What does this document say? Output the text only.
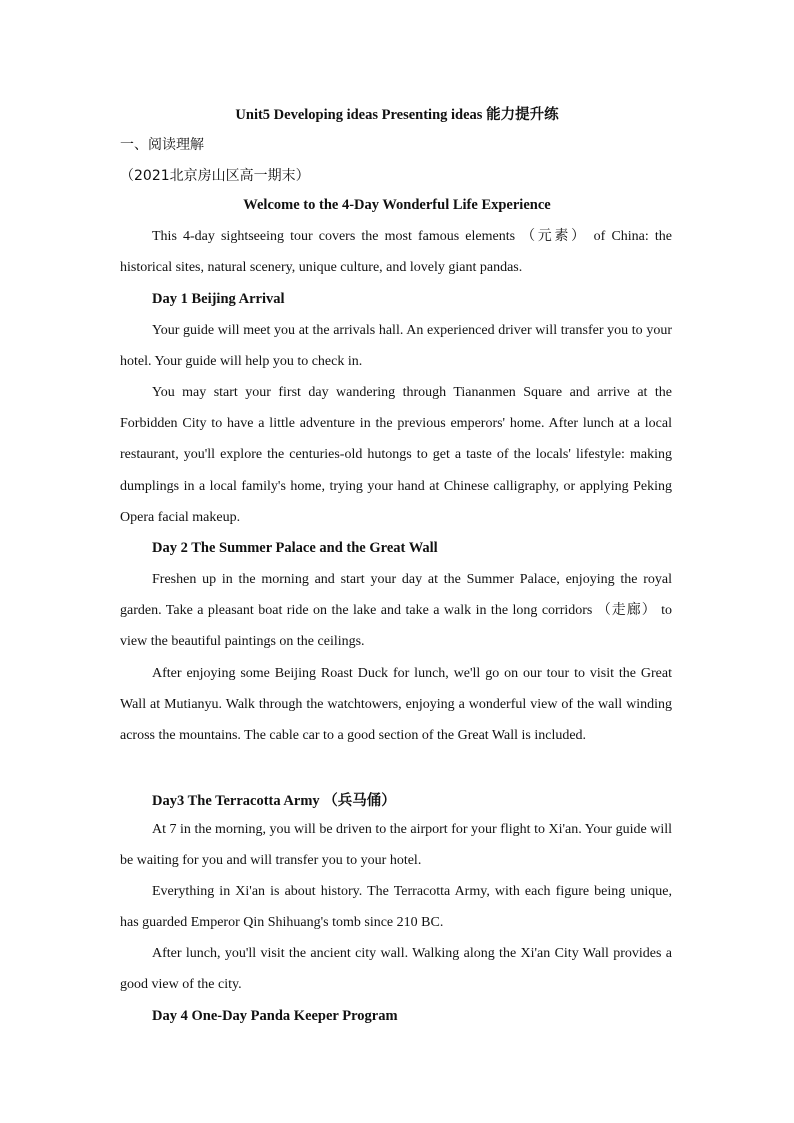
Unit5 Developing ideas Presenting ideas 能力提升练
一、阅读理解
（2021北京房山区高一期末）
Welcome to the 4-Day Wonderful Life Experience
This 4-day sightseeing tour covers the most famous elements （元素） of China: the historical sites, natural scenery, unique culture, and lovely giant pandas.
Day 1 Beijing Arrival
Your guide will meet you at the arrivals hall. An experienced driver will transfer you to your hotel. Your guide will help you to check in.
You may start your first day wandering through Tiananmen Square and arrive at the Forbidden City to have a little adventure in the previous emperors' home. After lunch at a local restaurant, you'll explore the centuries-old hutongs to get a taste of the locals' lifestyle: making dumplings in a local family's home, trying your hand at Chinese calligraphy, or applying Peking Opera facial makeup.
Day 2 The Summer Palace and the Great Wall
Freshen up in the morning and start your day at the Summer Palace, enjoying the royal garden. Take a pleasant boat ride on the lake and take a walk in the long corridors （走廊） to view the beautiful paintings on the ceilings.
After enjoying some Beijing Roast Duck for lunch, we'll go on our tour to visit the Great Wall at Mutianyu. Walk through the watchtowers, enjoying a wonderful view of the wall winding across the mountains. The cable car to a good section of the Great Wall is included.
Day3 The Terracotta Army （兵马俑）
At 7 in the morning, you will be driven to the airport for your flight to Xi'an. Your guide will be waiting for you and will transfer you to your hotel.
Everything in Xi'an is about history. The Terracotta Army, with each figure being unique, has guarded Emperor Qin Shihuang's tomb since 210 BC.
After lunch, you'll visit the ancient city wall. Walking along the Xi'an City Wall provides a good view of the city.
Day 4 One-Day Panda Keeper Program
